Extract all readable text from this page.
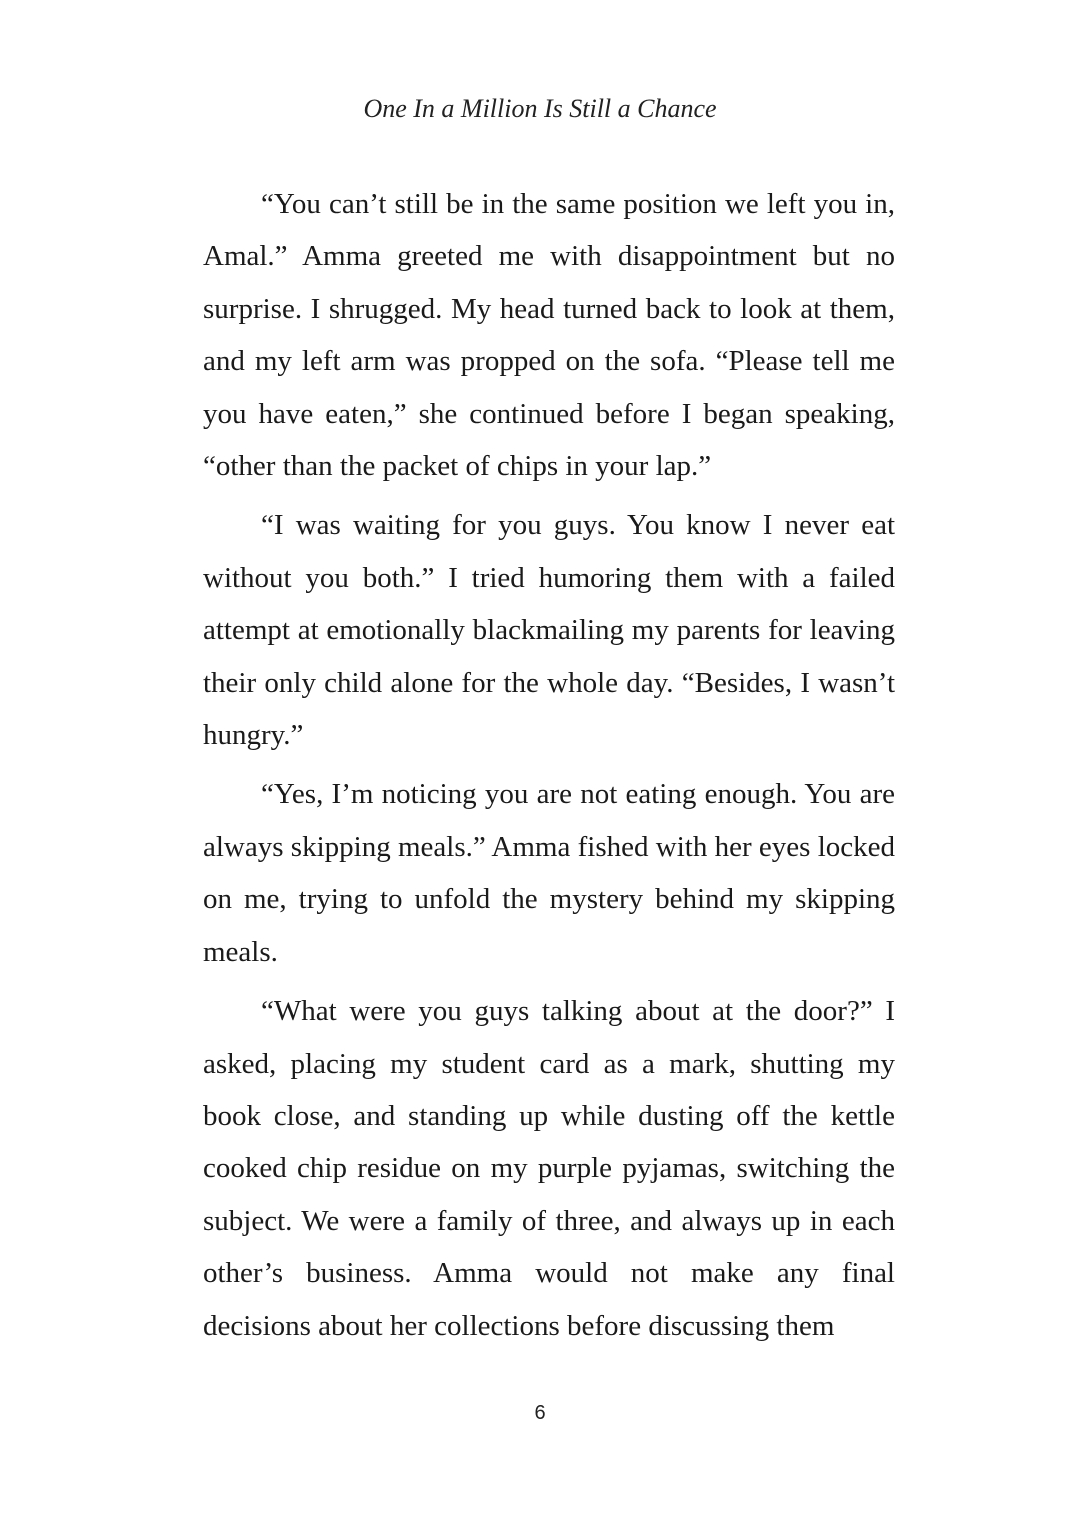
One In a Million Is Still a Chance

“You can’t still be in the same position we left you in, Amal.” Amma greeted me with disappointment but no surprise. I shrugged. My head turned back to look at them, and my left arm was propped on the sofa. “Please tell me you have eaten,” she continued before I began speaking, “other than the packet of chips in your lap.”

“I was waiting for you guys. You know I never eat without you both.” I tried humoring them with a failed attempt at emotionally blackmailing my parents for leaving their only child alone for the whole day. “Besides, I wasn’t hungry.”

“Yes, I’m noticing you are not eating enough. You are always skipping meals.” Amma fished with her eyes locked on me, trying to unfold the mystery behind my skipping meals.

“What were you guys talking about at the door?” I asked, placing my student card as a mark, shutting my book close, and standing up while dusting off the kettle cooked chip residue on my purple pyjamas, switching the subject. We were a family of three, and always up in each other’s business. Amma would not make any final decisions about her collections before discussing them

6
